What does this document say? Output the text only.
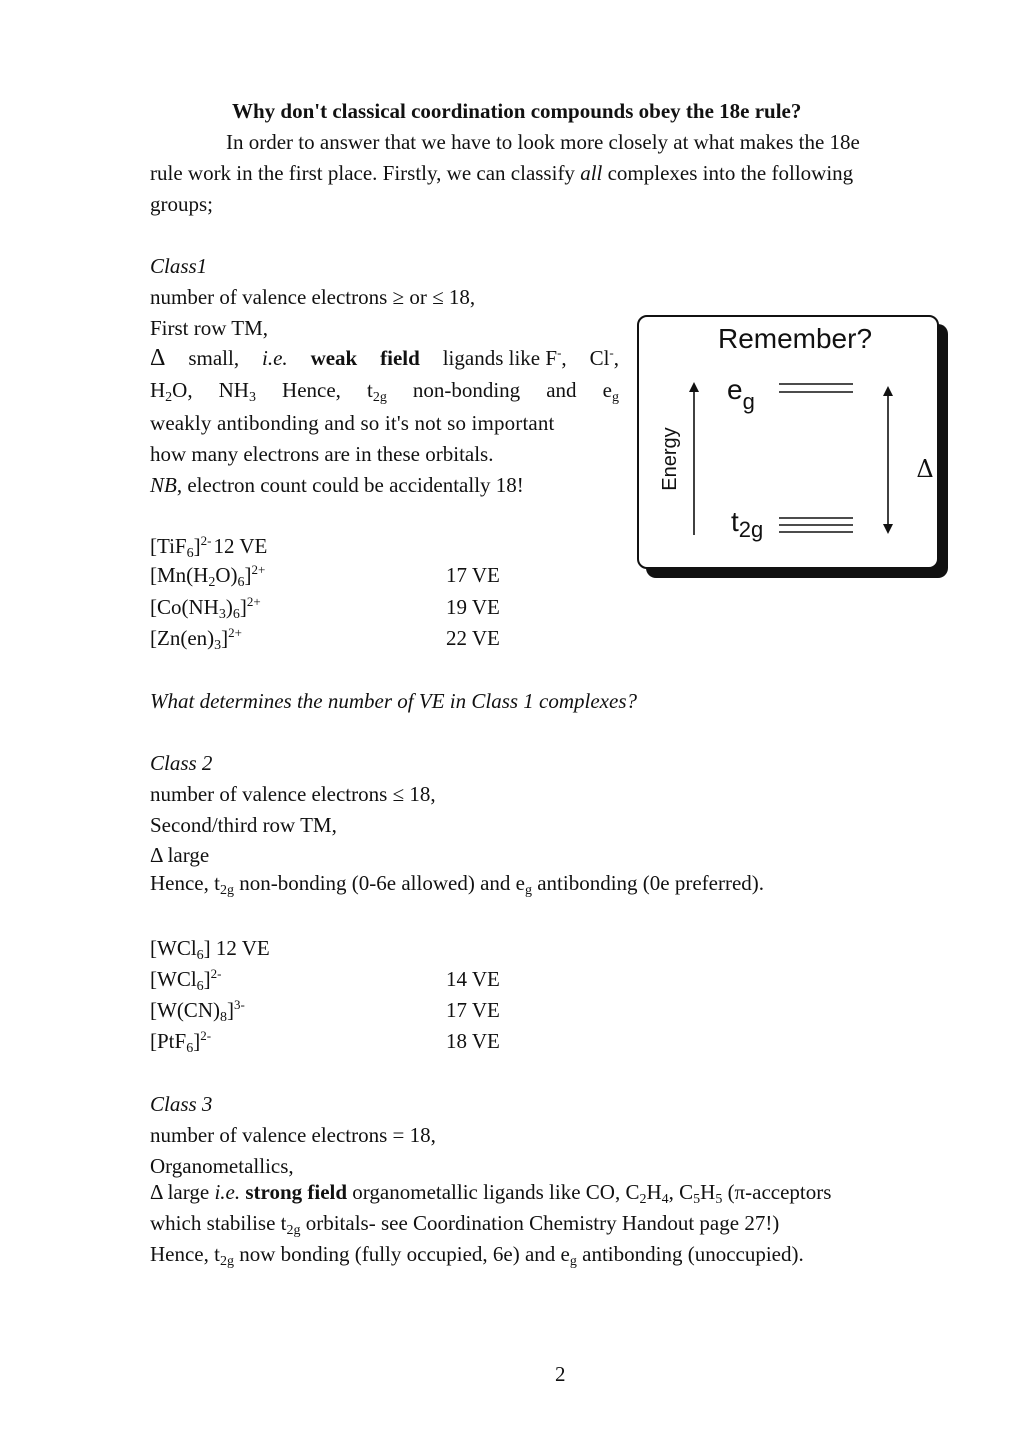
Why don't classical coordination compounds obey the 18e rule?
In order to answer that we have to look more closely at what makes the 18e
rule work in the first place. Firstly, we can classify all complexes into the following
groups;
Class1
number of valence electrons ≥ or ≤ 18,
First row TM,
Δ small, i.e. weak field ligands like F-, Cl-,
$H_2O$, $NH_3$ Hence, $t_{2g}$ non-bonding and $e_g$
weakly antibonding and so it's not so important
how many electrons are in these orbitals.
NB, electron count could be accidentally 18!
$[TiF_6]^{2-}12$ VE
$[Mn(H_2O)_6]^{2+}$	17 VE
$[Co(NH_3)_6]^{2+}$	19 VE
$[Zn(en)_3]^{2+}$	22 VE
What determines the number of VE in Class 1 complexes?
Remember?
Energy
$e_g$
$t_{2g}$
Δ
Class 2
number of valence electrons ≤ 18,
Second/third row TM,
Δ large
Hence, $t_{2g}$ non-bonding (0-6e allowed) and $e_g$ antibonding (0e preferred).
[WCl$_6$] 12 VE
$[WCl_6]^{2-}$	14 VE
$[W(CN)_8]^{3-}$	17 VE
$[PtF_6]^{2-}$	18 VE
Class 3
number of valence electrons = 18,
Organometallics,
Δ large i.e. strong field organometallic ligands like CO, $C_2H_4$, $C_5H_5$ (π-acceptors
which stabilise $t_{2g}$ orbitals- see Coordination Chemistry Handout page 27!)
Hence, $t_{2g}$ now bonding (fully occupied, 6e) and $e_g$ antibonding (unoccupied).
2
